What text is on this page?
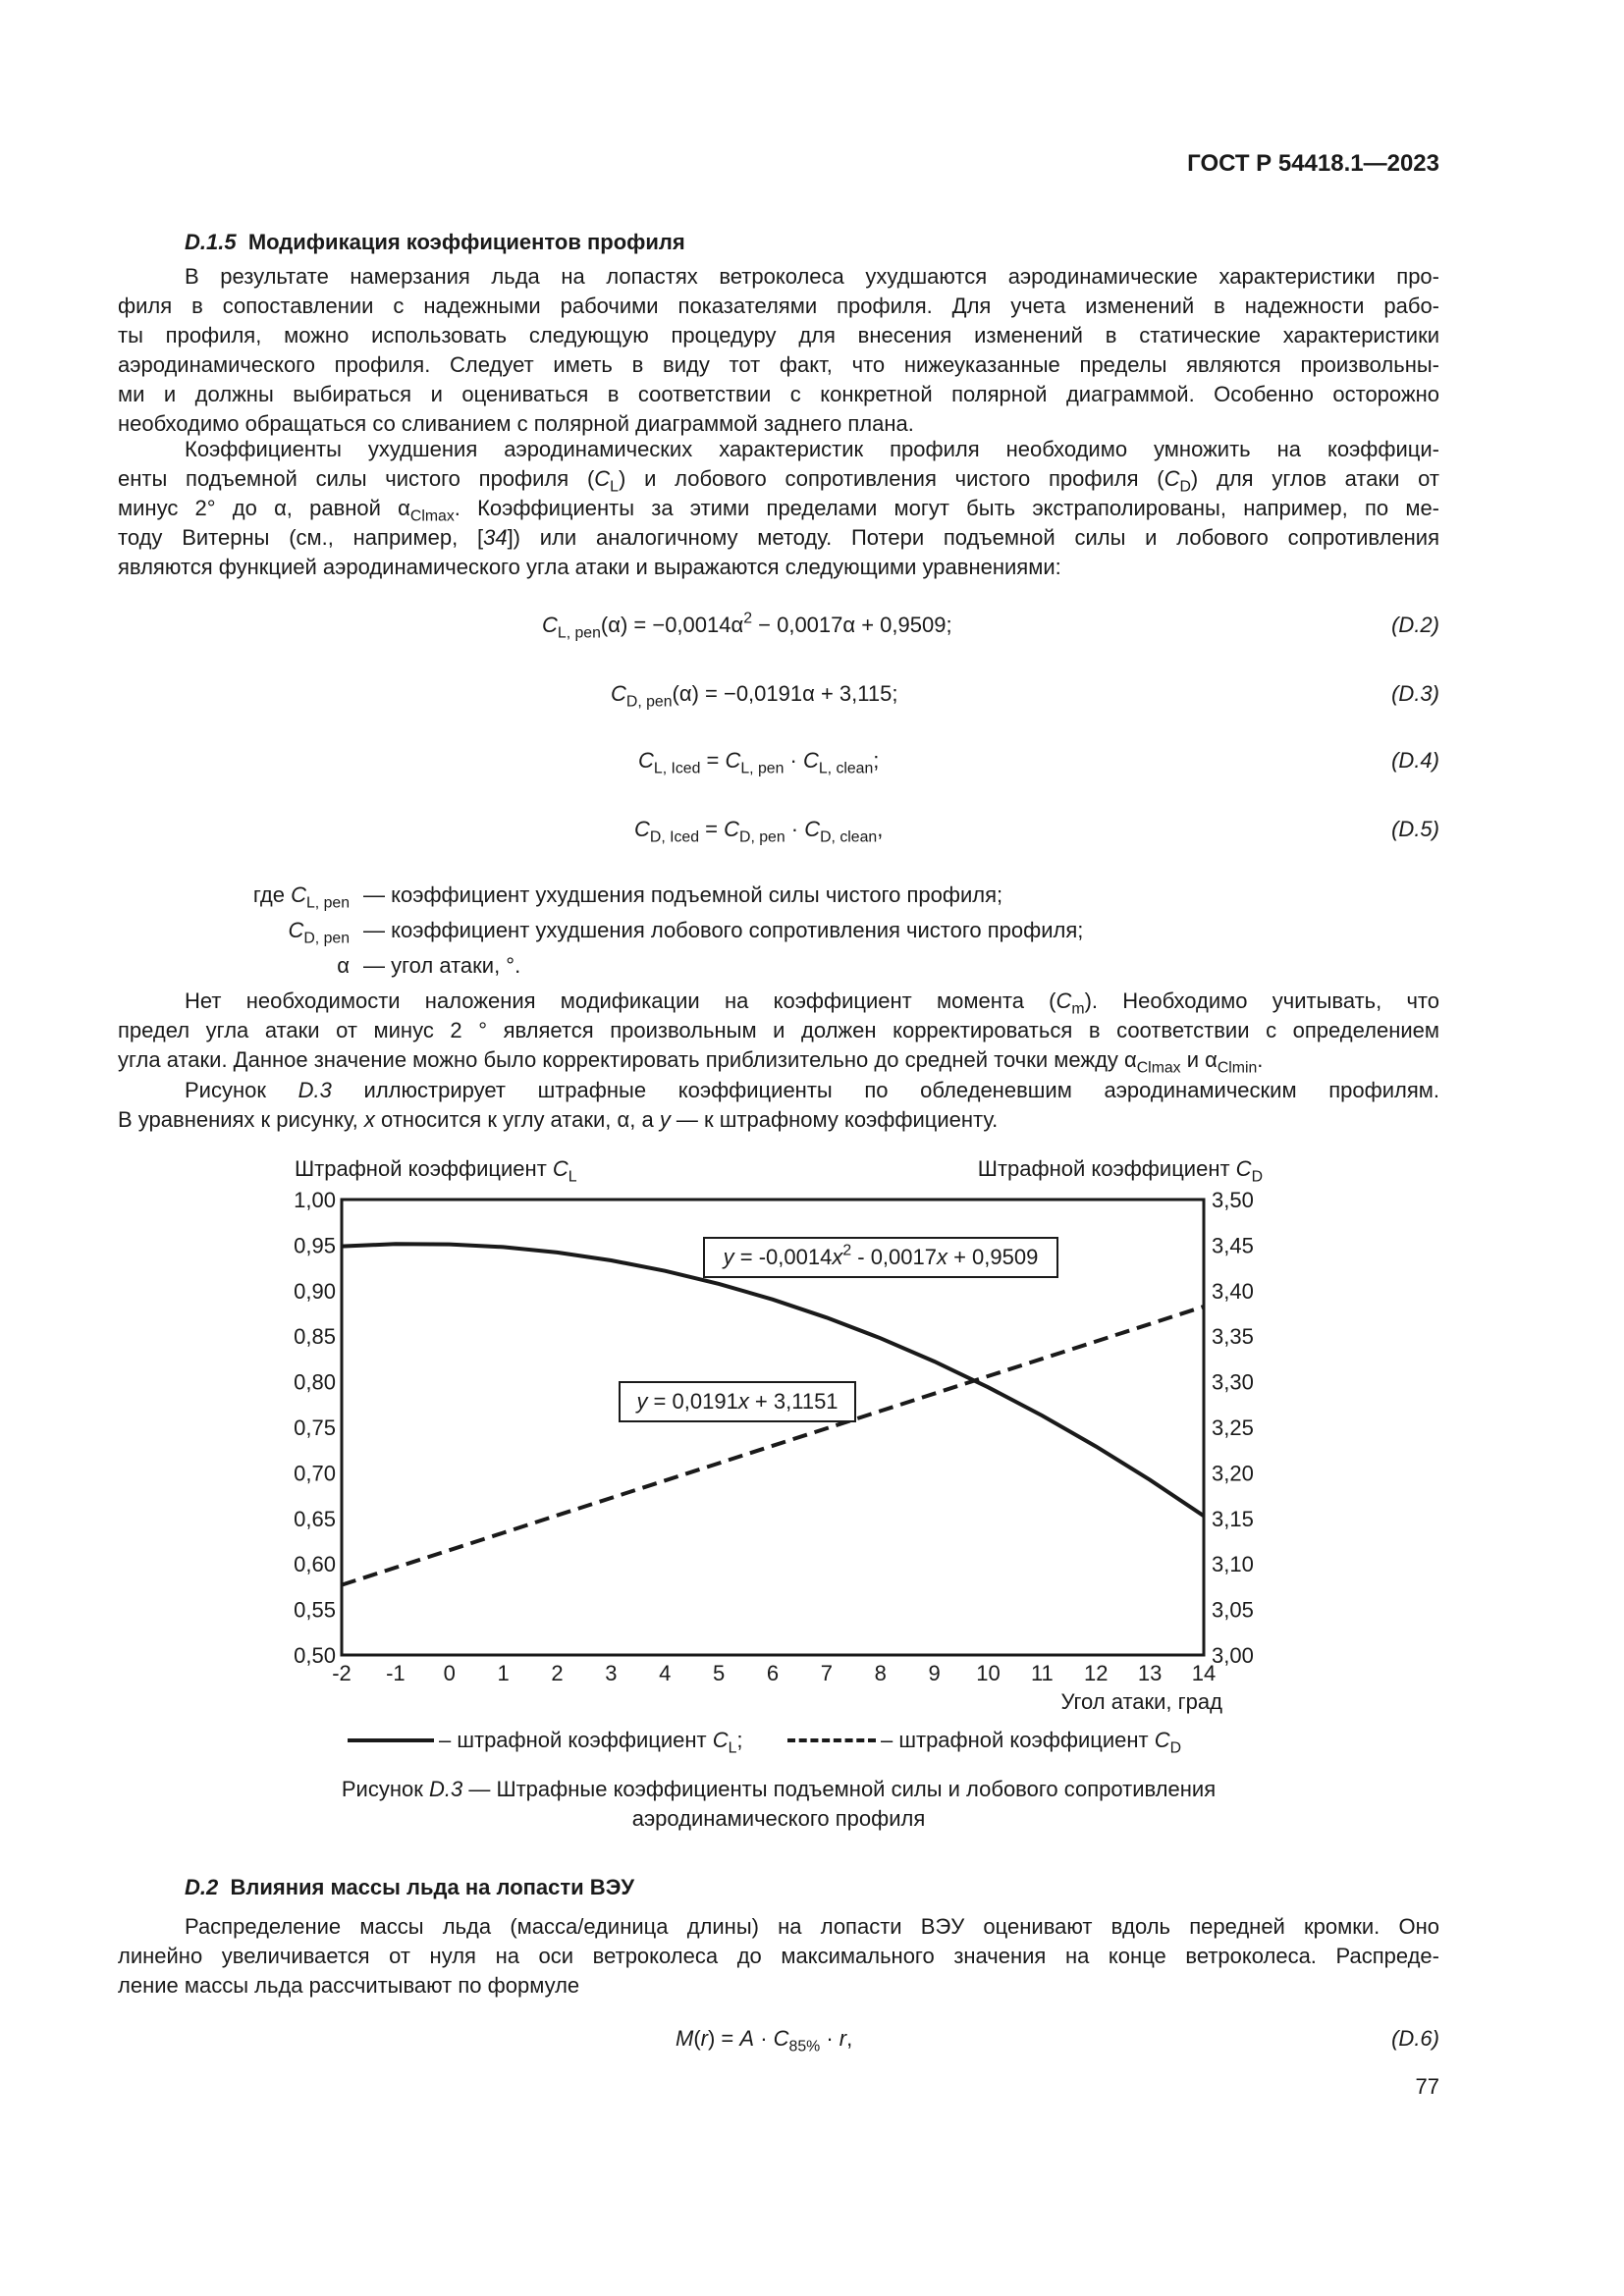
ГОСТ Р 54418.1—2023
D.1.5 Модификация коэффициентов профиля
В результате намерзания льда на лопастях ветроколеса ухудшаются аэродинамические характеристики про-
филя в сопоставлении с надежными рабочими показателями профиля. Для учета изменений в надежности рабо-
ты профиля, можно использовать следующую процедуру для внесения изменений в статические характеристики
аэродинамического профиля. Следует иметь в виду тот факт, что нижеуказанные пределы являются произвольны-
ми и должны выбираться и оцениваться в соответствии с конкретной полярной диаграммой. Особенно осторожно
необходимо обращаться со сливанием с полярной диаграммой заднего плана.
Коэффициенты ухудшения аэродинамических характеристик профиля необходимо умножить на коэффици-
енты подъемной силы чистого профиля $(C_L)$ и лобового сопротивления чистого профиля $(C_D)$ для углов атаки от
минус 2° до α, равной $\alpha_{Clmax}$. Коэффициенты за этими пределами могут быть экстраполированы, например, по ме-
тоду Витерны (см., например, [34]) или аналогичному методу. Потери подъемной силы и лобового сопротивления
являются функцией аэродинамического угла атаки и выражаются следующими уравнениями:
$C_{L, pen}(\alpha) = -0,0014\alpha^2 - 0,0017\alpha + 0,9509$;	(D.2)
$C_{D, pen}(\alpha) = -0,0191\alpha + 3,115$;	(D.3)
$C_{L, Iced} = C_{L, pen} \cdot C_{L, clean}$;	(D.4)
$C_{D, Iced} = C_{D, pen} \cdot C_{D, clean}$,	(D.5)
где $C_{L, pen}$ — коэффициент ухудшения подъемной силы чистого профиля;
$C_{D, pen}$ — коэффициент ухудшения лобового сопротивления чистого профиля;
α — угол атаки, °.
Нет необходимости наложения модификации на коэффициент момента $(C_m)$. Необходимо учитывать, что
предел угла атаки от минус 2 ° является произвольным и должен корректироваться в соответствии с определением
угла атаки. Данное значение можно было корректировать приблизительно до средней точки между $\alpha_{Clmax}$ и $\alpha_{Clmin}$.
Рисунок D.3 иллюстрирует штрафные коэффициенты по обледеневшим аэродинамическим профилям.
В уравнениях к рисунку, x относится к углу атаки, α, а y — к штрафному коэффициенту.
Штрафной коэффициент $C_L$	Штрафной коэффициент $C_D$
1,00
0,95
0,90
0,85
0,80
0,75
0,70
0,65
0,60
0,55
0,50
3,50
3,45
3,40
3,35
3,30
3,25
3,20
3,15
3,10
3,05
3,00
-2 -1 0 1 2 3 4 5 6 7 8 9 10 11 12 13 14
Угол атаки, град
$y = -0,0014x^2 - 0,0017x + 0,9509$
y = 0,0191x + 3,1151
– штрафной коэффициент $C_L$;	– штрафной коэффициент $C_D$
Рисунок D.3 — Штрафные коэффициенты подъемной силы и лобового сопротивления
аэродинамического профиля
D.2 Влияния массы льда на лопасти ВЭУ
Распределение массы льда (масса/единица длины) на лопасти ВЭУ оценивают вдоль передней кромки. Оно
линейно увеличивается от нуля на оси ветроколеса до максимального значения на конце ветроколеса. Распреде-
ление массы льда рассчитывают по формуле
$M(r) = A \cdot C_{85\%} \cdot r$,	(D.6)
77
